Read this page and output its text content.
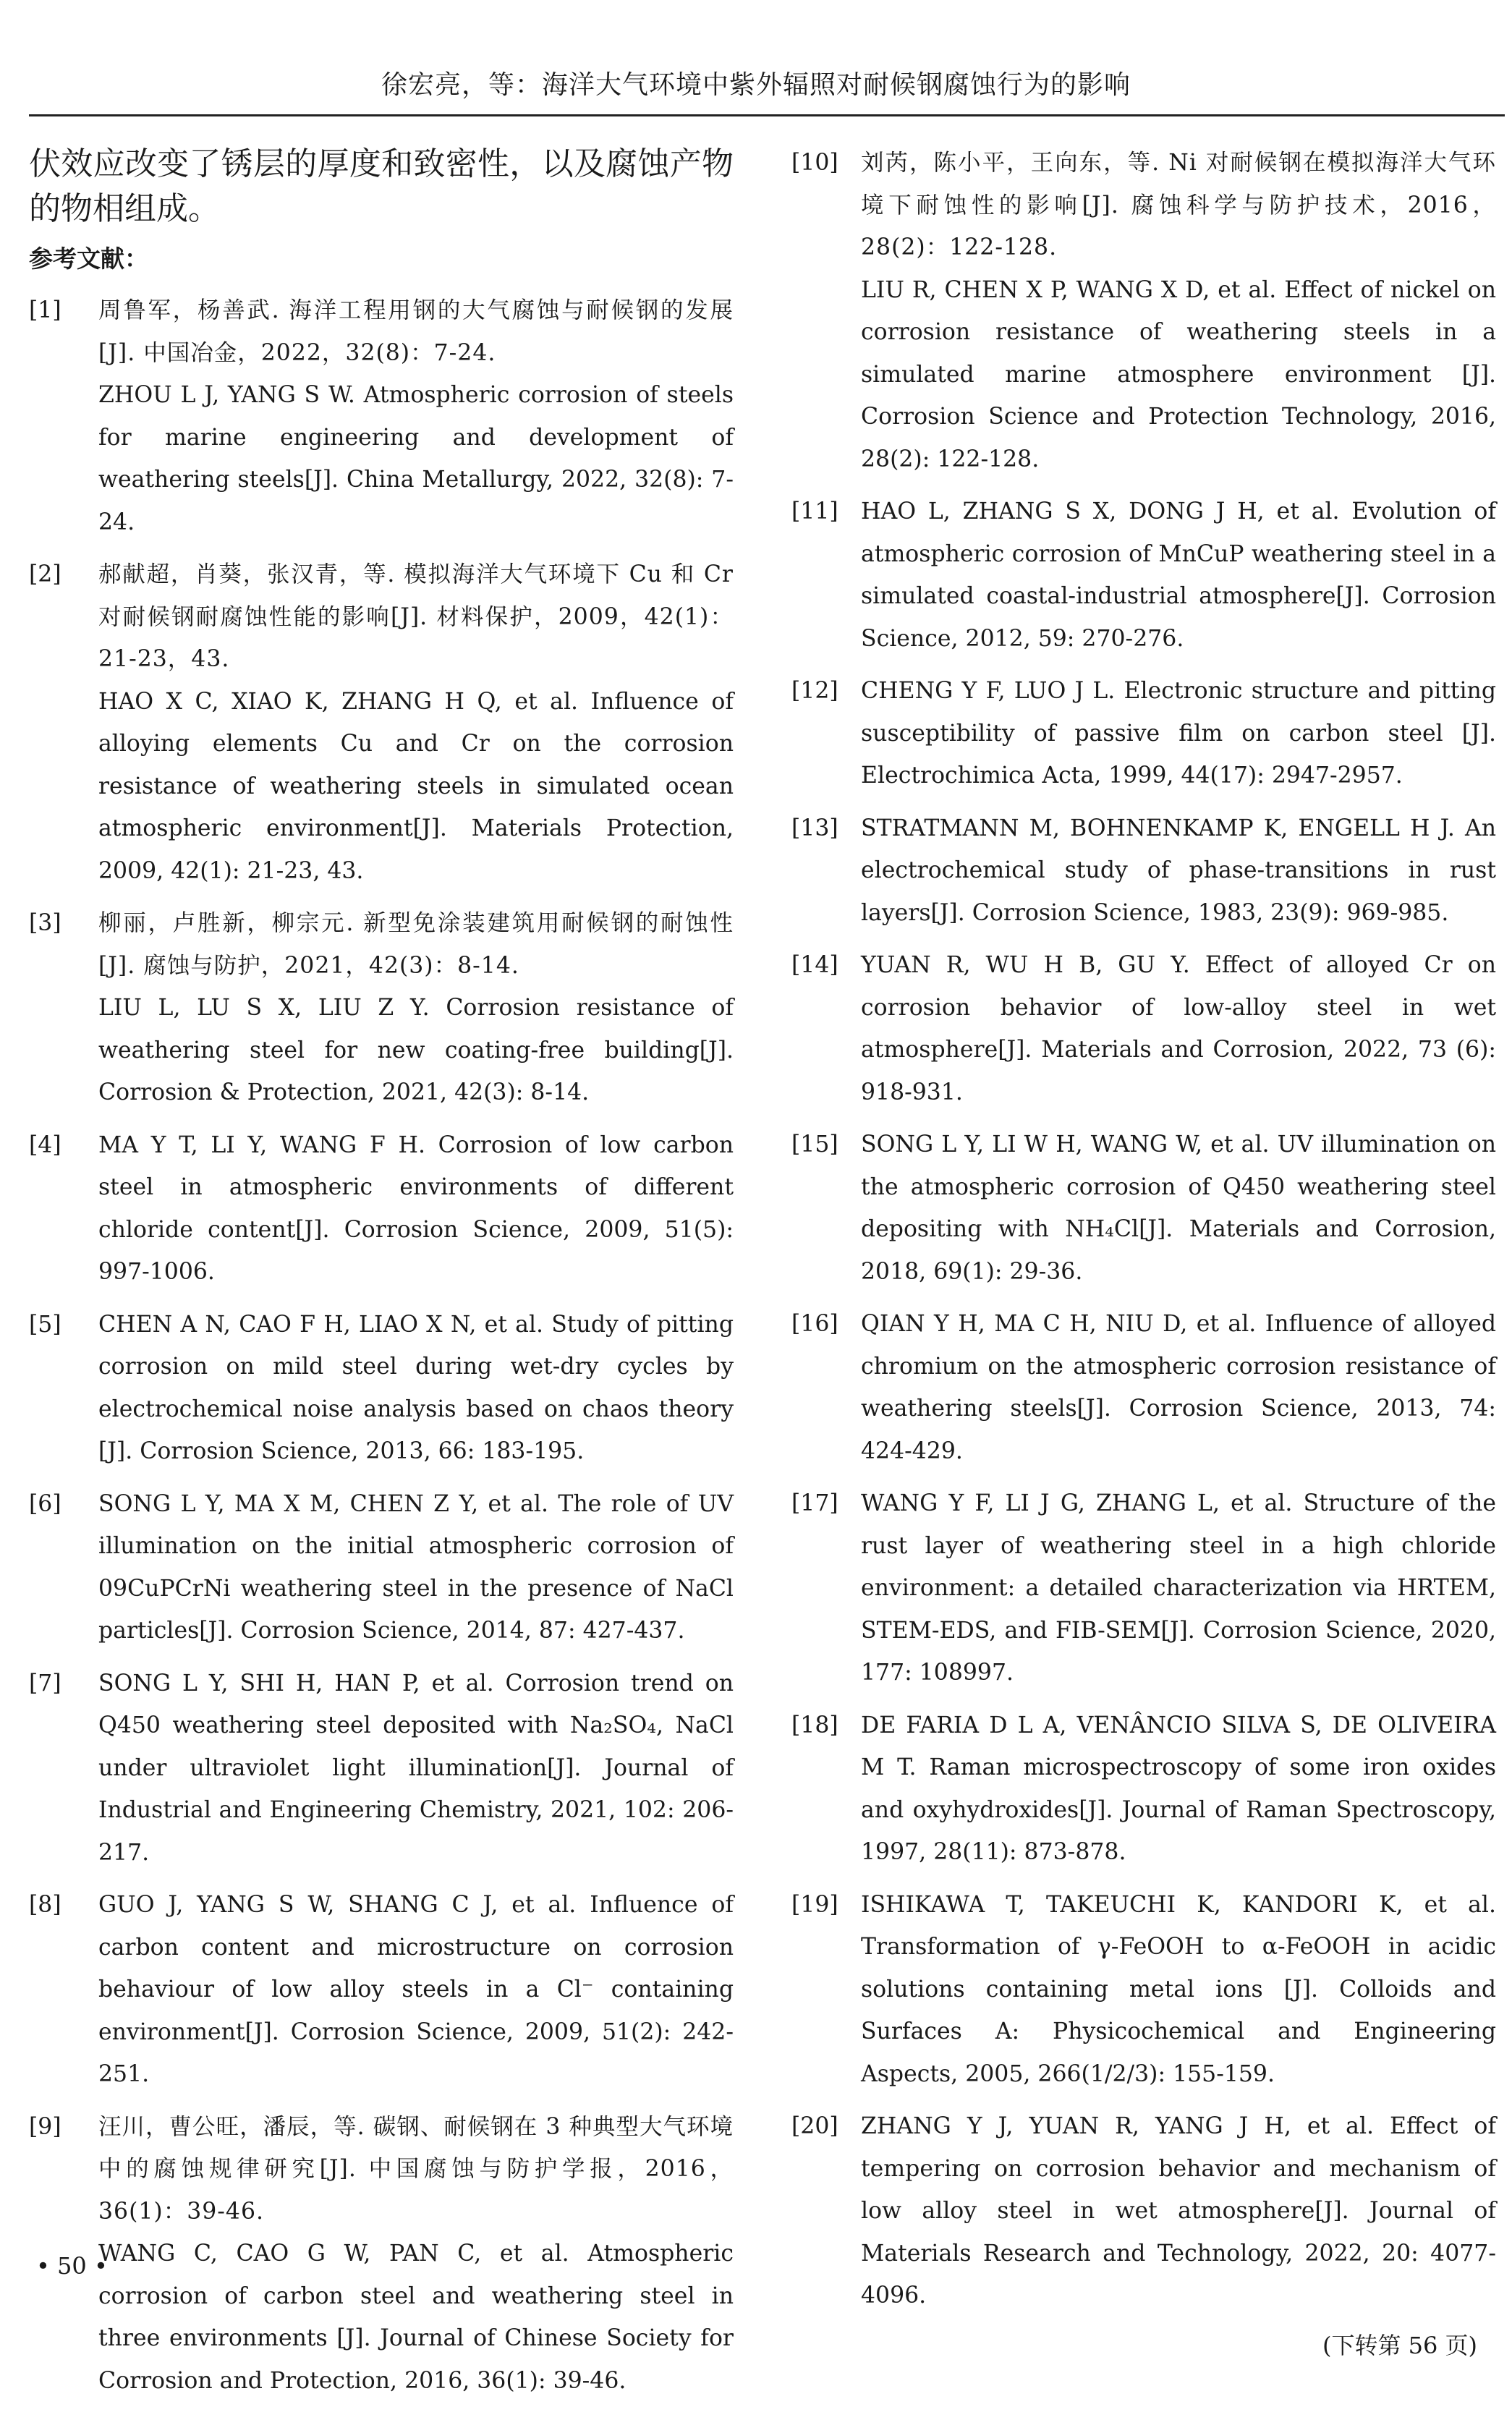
徐宏亮，等：海洋大气环境中紫外辐照对耐候钢腐蚀行为的影响

伏效应改变了锈层的厚度和致密性，以及腐蚀产物的物相组成。

参考文献：
[1] 周鲁军，杨善武. 海洋工程用钢的大气腐蚀与耐候钢的发展[J]. 中国冶金，2022，32(8)：7-24.
ZHOU L J, YANG S W. Atmospheric corrosion of steels for marine engineering and development of weathering steels[J]. China Metallurgy, 2022, 32(8): 7-24.
[2] 郝献超，肖葵，张汉青，等. 模拟海洋大气环境下 Cu 和 Cr 对耐候钢耐腐蚀性能的影响[J]. 材料保护，2009，42(1)：21-23，43.
HAO X C, XIAO K, ZHANG H Q, et al. Influence of alloying elements Cu and Cr on the corrosion resistance of weathering steels in simulated ocean atmospheric environment[J]. Materials Protection, 2009, 42(1): 21-23, 43.
[3] 柳丽，卢胜新，柳宗元. 新型免涂装建筑用耐候钢的耐蚀性[J]. 腐蚀与防护，2021，42(3)：8-14.
LIU L, LU S X, LIU Z Y. Corrosion resistance of weathering steel for new coating-free building[J]. Corrosion & Protection, 2021, 42(3): 8-14.
[4] MA Y T, LI Y, WANG F H. Corrosion of low carbon steel in atmospheric environments of different chloride content[J]. Corrosion Science, 2009, 51(5): 997-1006.
[5] CHEN A N, CAO F H, LIAO X N, et al. Study of pitting corrosion on mild steel during wet-dry cycles by electrochemical noise analysis based on chaos theory [J]. Corrosion Science, 2013, 66: 183-195.
[6] SONG L Y, MA X M, CHEN Z Y, et al. The role of UV illumination on the initial atmospheric corrosion of 09CuPCrNi weathering steel in the presence of NaCl particles[J]. Corrosion Science, 2014, 87: 427-437.
[7] SONG L Y, SHI H, HAN P, et al. Corrosion trend on Q450 weathering steel deposited with Na₂SO₄, NaCl under ultraviolet light illumination[J]. Journal of Industrial and Engineering Chemistry, 2021, 102: 206-217.
[8] GUO J, YANG S W, SHANG C J, et al. Influence of carbon content and microstructure on corrosion behaviour of low alloy steels in a Cl⁻ containing environment[J]. Corrosion Science, 2009, 51(2): 242-251.
[9] 汪川，曹公旺，潘辰，等. 碳钢、耐候钢在 3 种典型大气环境中的腐蚀规律研究[J]. 中国腐蚀与防护学报，2016，36(1)：39-46.
WANG C, CAO G W, PAN C, et al. Atmospheric corrosion of carbon steel and weathering steel in three environments [J]. Journal of Chinese Society for Corrosion and Protection, 2016, 36(1): 39-46.
[10] 刘芮，陈小平，王向东，等. Ni 对耐候钢在模拟海洋大气环境下耐蚀性的影响[J]. 腐蚀科学与防护技术，2016，28(2)：122-128.
LIU R, CHEN X P, WANG X D, et al. Effect of nickel on corrosion resistance of weathering steels in a simulated marine atmosphere environment [J]. Corrosion Science and Protection Technology, 2016, 28(2): 122-128.
[11] HAO L, ZHANG S X, DONG J H, et al. Evolution of atmospheric corrosion of MnCuP weathering steel in a simulated coastal-industrial atmosphere[J]. Corrosion Science, 2012, 59: 270-276.
[12] CHENG Y F, LUO J L. Electronic structure and pitting susceptibility of passive film on carbon steel [J]. Electrochimica Acta, 1999, 44(17): 2947-2957.
[13] STRATMANN M, BOHNENKAMP K, ENGELL H J. An electrochemical study of phase-transitions in rust layers[J]. Corrosion Science, 1983, 23(9): 969-985.
[14] YUAN R, WU H B, GU Y. Effect of alloyed Cr on corrosion behavior of low-alloy steel in wet atmosphere[J]. Materials and Corrosion, 2022, 73 (6): 918-931.
[15] SONG L Y, LI W H, WANG W, et al. UV illumination on the atmospheric corrosion of Q450 weathering steel depositing with NH₄Cl[J]. Materials and Corrosion, 2018, 69(1): 29-36.
[16] QIAN Y H, MA C H, NIU D, et al. Influence of alloyed chromium on the atmospheric corrosion resistance of weathering steels[J]. Corrosion Science, 2013, 74: 424-429.
[17] WANG Y F, LI J G, ZHANG L, et al. Structure of the rust layer of weathering steel in a high chloride environment: a detailed characterization via HRTEM, STEM-EDS, and FIB-SEM[J]. Corrosion Science, 2020, 177: 108997.
[18] DE FARIA D L A, VENÂNCIO SILVA S, DE OLIVEIRA M T. Raman microspectroscopy of some iron oxides and oxyhydroxides[J]. Journal of Raman Spectroscopy, 1997, 28(11): 873-878.
[19] ISHIKAWA T, TAKEUCHI K, KANDORI K, et al. Transformation of γ-FeOOH to α-FeOOH in acidic solutions containing metal ions [J]. Colloids and Surfaces A: Physicochemical and Engineering Aspects, 2005, 266(1/2/3): 155-159.
[20] ZHANG Y J, YUAN R, YANG J H, et al. Effect of tempering on corrosion behavior and mechanism of low alloy steel in wet atmosphere[J]. Journal of Materials Research and Technology, 2022, 20: 4077-4096.
(下转第 56 页)
• 50 •
